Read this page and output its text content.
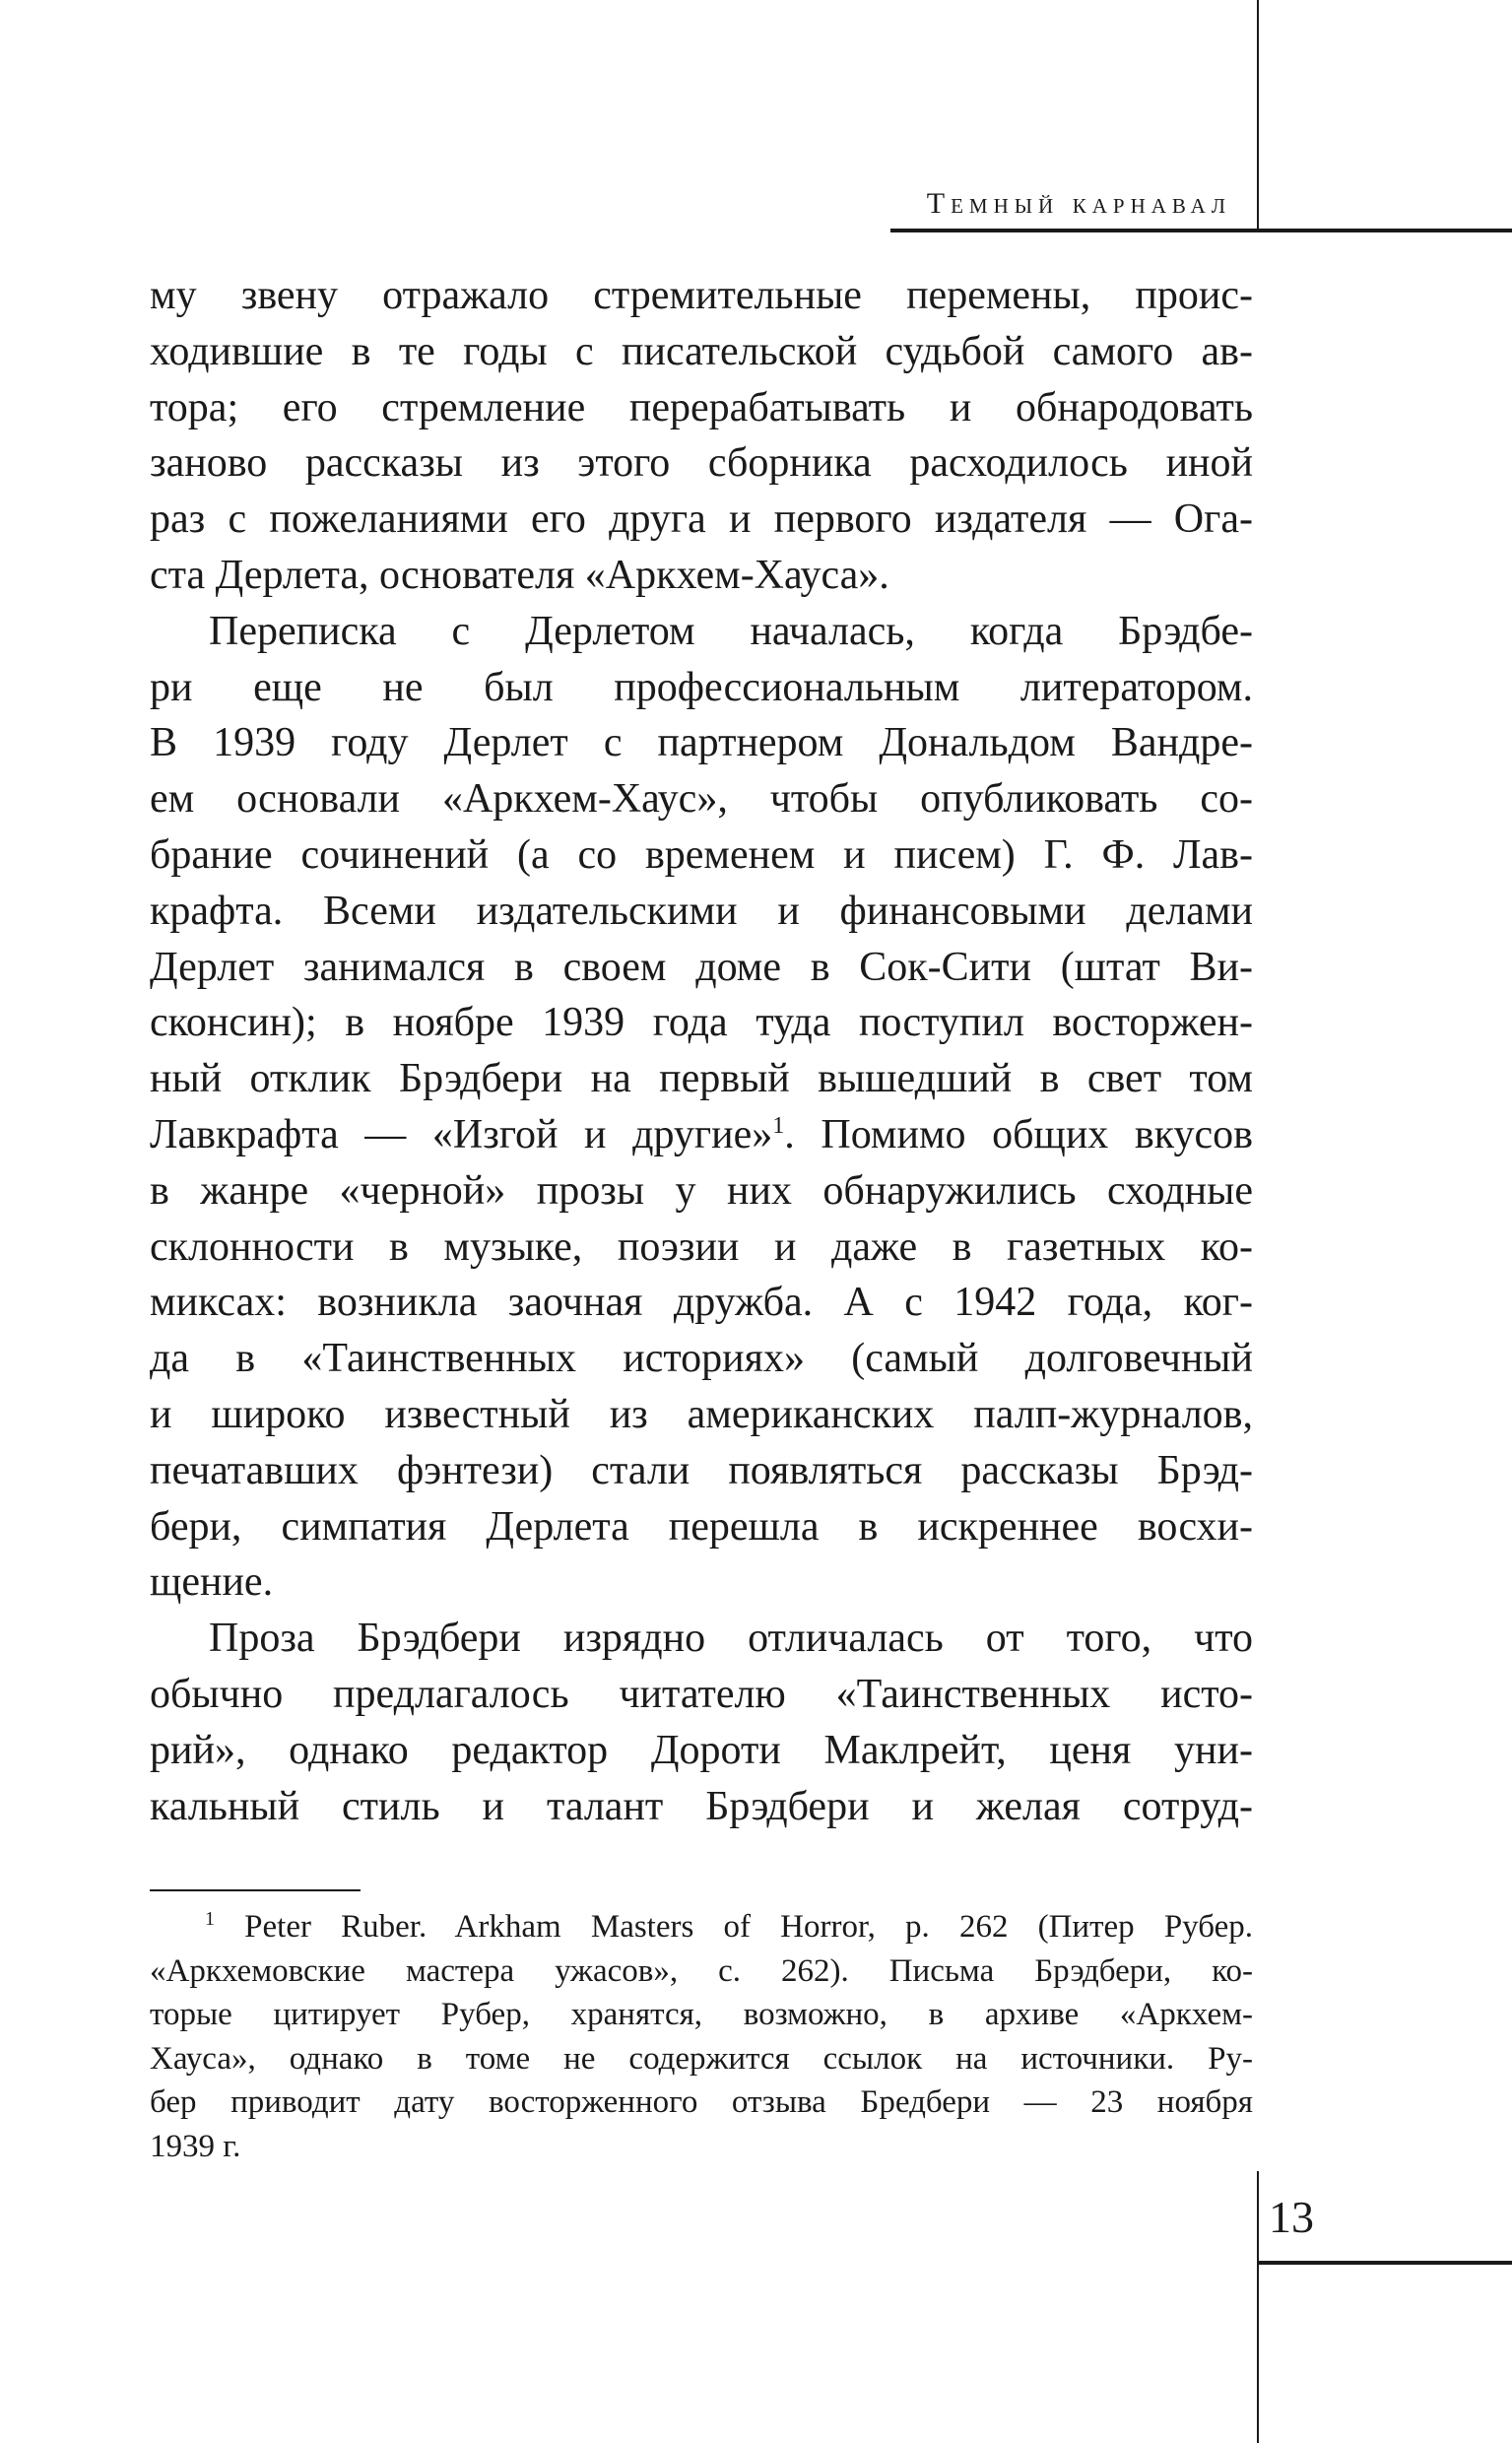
Темный карнавал

му звену отражало стремительные перемены, проис-
ходившие в те годы с писательской судьбой самого ав-
тора; его стремление перерабатывать и обнародовать
заново рассказы из этого сборника расходилось иной
раз с пожеланиями его друга и первого издателя — Ога-
ста Дерлета, основателя «Аркхем-Хауса».

Переписка с Дерлетом началась, когда Брэдбе-
ри еще не был профессиональным литератором.
В 1939 году Дерлет с партнером Дональдом Вандре-
ем основали «Аркхем-Хаус», чтобы опубликовать со-
брание сочинений (а со временем и писем) Г. Ф. Лав-
крафта. Всеми издательскими и финансовыми делами
Дерлет занимался в своем доме в Сок-Сити (штат Ви-
сконсин); в ноябре 1939 года туда поступил восторжен-
ный отклик Брэдбери на первый вышедший в свет том
Лавкрафта — «Изгой и другие»$^1$. Помимо общих вкусов
в жанре «черной» прозы у них обнаружились сходные
склонности в музыке, поэзии и даже в газетных ко-
миксах: возникла заочная дружба. А с 1942 года, ког-
да в «Таинственных историях» (самый долговечный
и широко известный из американских палп-журналов,
печатавших фэнтези) стали появляться рассказы Брэд-
бери, симпатия Дерлета перешла в искреннее восхи-
щение.

Проза Брэдбери изрядно отличалась от того, что
обычно предлагалось читателю «Таинственных исто-
рий», однако редактор Дороти Маклрейт, ценя уни-
кальный стиль и талант Брэдбери и желая сотруд-

$^1$ Peter Ruber. Arkham Masters of Horror, p. 262 (Питер Рубер.
«Аркхемовские мастера ужасов», с. 262). Письма Брэдбери, ко-
торые цитирует Рубер, хранятся, возможно, в архиве «Аркхем-
Хауса», однако в томе не содержится ссылок на источники. Ру-
бер приводит дату восторженного отзыва Бредбери — 23 ноября
1939 г.
13
